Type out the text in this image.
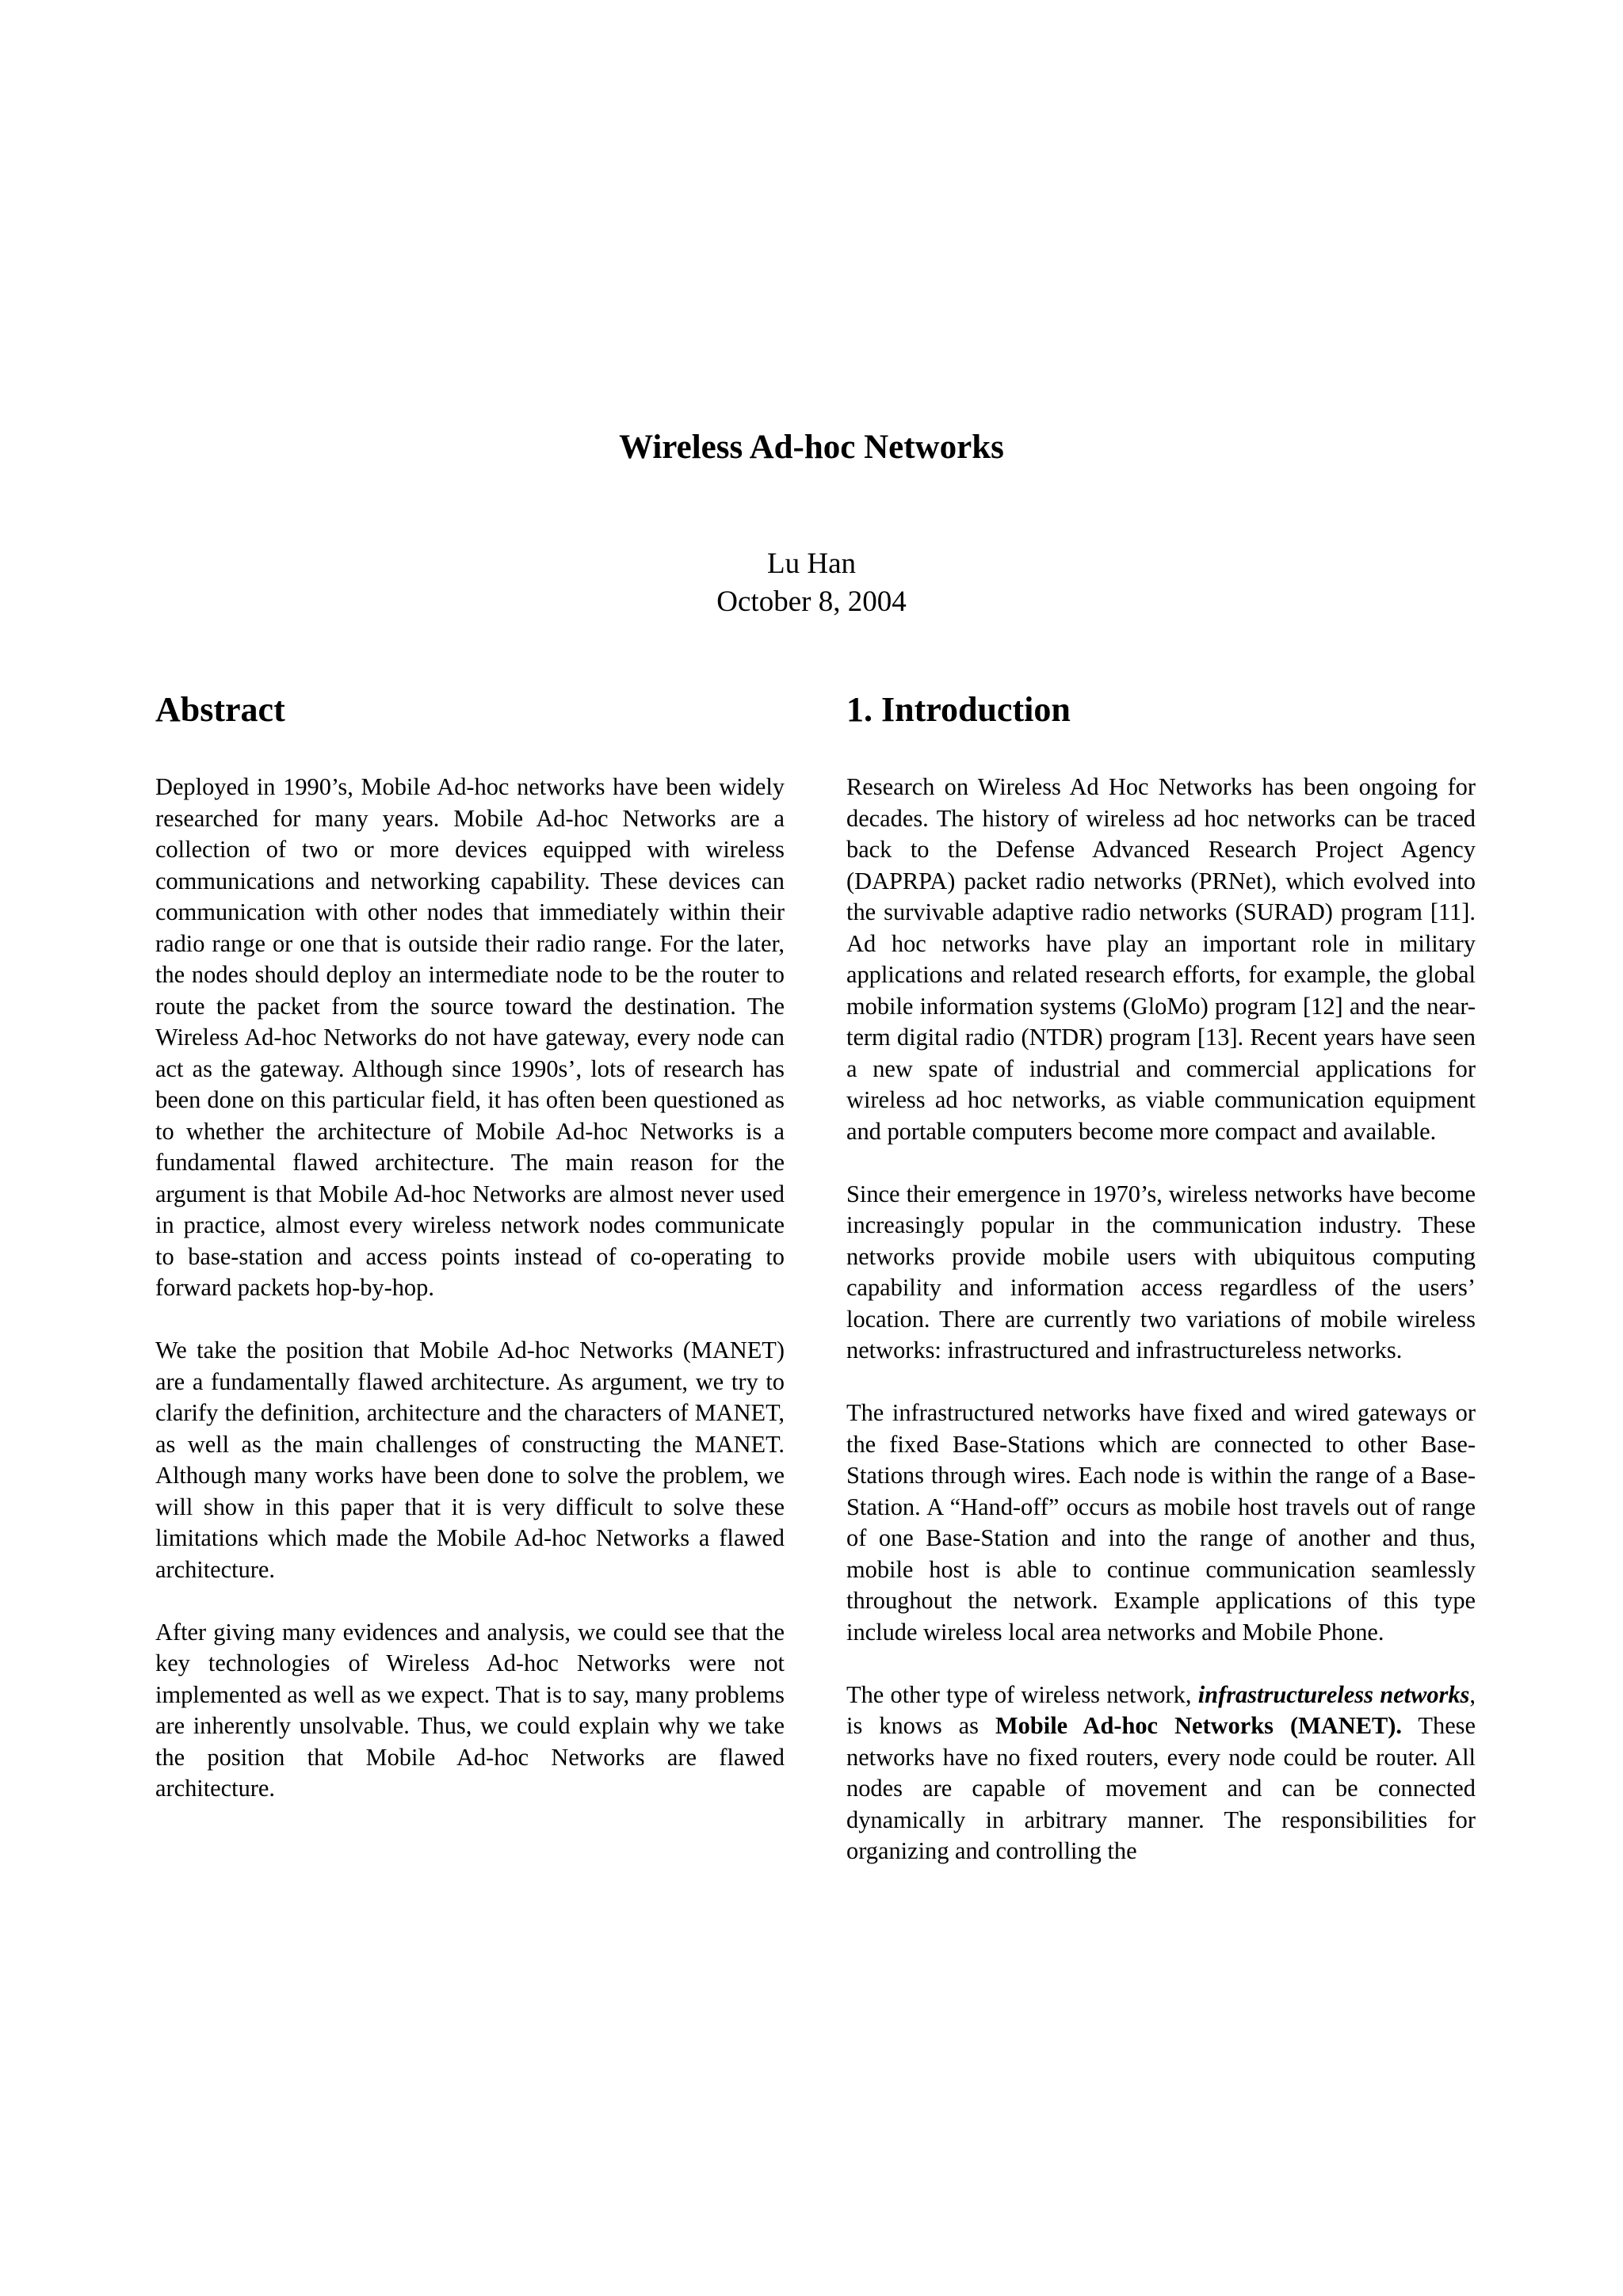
Wireless Ad-hoc Networks
Lu Han
October 8, 2004
Abstract

Deployed in 1990’s, Mobile Ad-hoc networks have been widely researched for many years. Mobile Ad-hoc Networks are a collection of two or more devices equipped with wireless communications and networking capability. These devices can communication with other nodes that immediately within their radio range or one that is outside their radio range. For the later, the nodes should deploy an intermediate node to be the router to route the packet from the source toward the destination. The Wireless Ad-hoc Networks do not have gateway, every node can act as the gateway. Although since 1990s’, lots of research has been done on this particular field, it has often been questioned as to whether the architecture of Mobile Ad-hoc Networks is a fundamental flawed architecture. The main reason for the argument is that Mobile Ad-hoc Networks are almost never used in practice, almost every wireless network nodes communicate to base-station and access points instead of co-operating to forward packets hop-by-hop.

We take the position that Mobile Ad-hoc Networks (MANET) are a fundamentally flawed architecture. As argument, we try to clarify the definition, architecture and the characters of MANET, as well as the main challenges of constructing the MANET. Although many works have been done to solve the problem, we will show in this paper that it is very difficult to solve these limitations which made the Mobile Ad-hoc Networks a flawed architecture.

After giving many evidences and analysis, we could see that the key technologies of Wireless Ad-hoc Networks were not implemented as well as we expect. That is to say, many problems are inherently unsolvable. Thus, we could explain why we take the position that Mobile Ad-hoc Networks are flawed architecture.

1. Introduction

Research on Wireless Ad Hoc Networks has been ongoing for decades. The history of wireless ad hoc networks can be traced back to the Defense Advanced Research Project Agency (DAPRPA) packet radio networks (PRNet), which evolved into the survivable adaptive radio networks (SURAD) program [11]. Ad hoc networks have play an important role in military applications and related research efforts, for example, the global mobile information systems (GloMo) program [12] and the near-term digital radio (NTDR) program [13]. Recent years have seen a new spate of industrial and commercial applications for wireless ad hoc networks, as viable communication equipment and portable computers become more compact and available.

Since their emergence in 1970’s, wireless networks have become increasingly popular in the communication industry. These networks provide mobile users with ubiquitous computing capability and information access regardless of the users’ location. There are currently two variations of mobile wireless networks: infrastructured and infrastructureless networks.

The infrastructured networks have fixed and wired gateways or the fixed Base-Stations which are connected to other Base-Stations through wires. Each node is within the range of a Base-Station. A “Hand-off” occurs as mobile host travels out of range of one Base-Station and into the range of another and thus, mobile host is able to continue communication seamlessly throughout the network. Example applications of this type include wireless local area networks and Mobile Phone.

The other type of wireless network, infrastructureless networks, is knows as Mobile Ad-hoc Networks (MANET). These networks have no fixed routers, every node could be router. All nodes are capable of movement and can be connected dynamically in arbitrary manner. The responsibilities for organizing and controlling the
